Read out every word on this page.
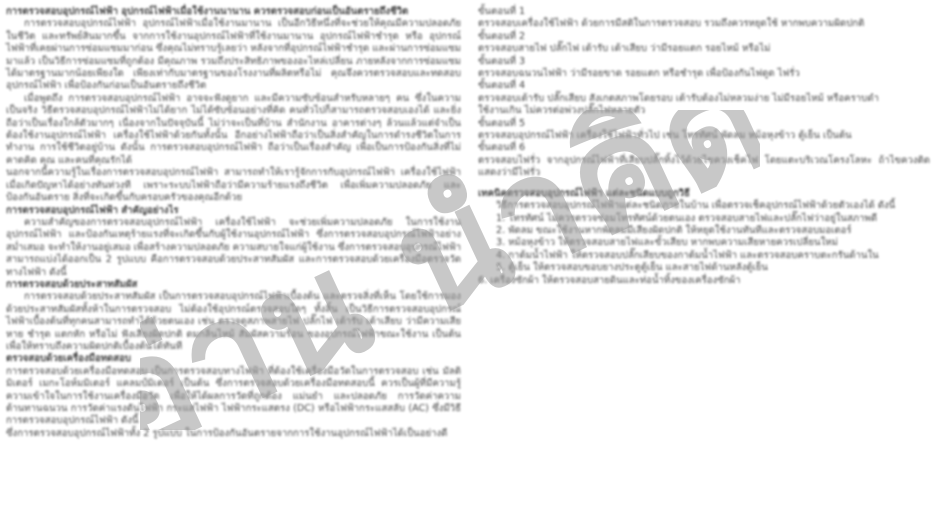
การตรวจสอบอุปกรณ์ไฟฟ้า อุปกรณ์ไฟฟ้าเมื่อใช้งานนานาน ควรตรวจสอบก่อนเป็นอันตรายถึงชีวิต

การตรวจสอบอุปกรณ์ไฟฟ้า อุปกรณ์ไฟฟ้าเมื่อใช้งานมานาน เป็นอีกวิธีหนึ่งที่จะช่วยให้คุณมีความปลอดภัยในชีวิต และทรัพย์สินมากขึ้น จากการใช้งานอุปกรณ์ไฟฟ้าที่ใช้งานมานาน อุปกรณ์ไฟฟ้าชำรุด หรือ อุปกรณ์ไฟฟ้าที่เคยผ่านการซ่อมแซมมาก่อน ซึ่งคุณไม่ทราบรู้เลยว่า หลังจากที่อุปกรณ์ไฟฟ้าชำรุด และผ่านการซ่อมแซมมาแล้ว เป็นวิธีการซ่อมแซมที่ถูกต้อง มีคุณภาพ รวมถึงประสิทธิภาพของอะไหล่เปลี่ยน ภายหลังจากการซ่อมแซมได้มาตรฐานมากน้อยเพียงใด เพียงเท่ากับมาตรฐานของโรงงานที่ผลิตหรือไม่ คุณจึงควรตรวจสอบและทดสอบอุปกรณ์ไฟฟ้า เพื่อป้องกันก่อนเป็นอันตรายถึงชีวิต

เมื่อพูดถึง การตรวจสอบอุปกรณ์ไฟฟ้า อาจจะฟังดูยาก และมีความซับซ้อนสำหรับหลายๆ คน ซึ่งในความเป็นจริง วิธีตรวจสอบอุปกรณ์ไฟฟ้าไม่ได้ยาก ไม่ได้ซับซ้อนอย่างที่คิด คนทั่วไปก็สามารถตรวจสอบเองได้ และยิ่งถือว่าเป็นเรื่องใกล้ตัวมากๆ เนื่องจากในปัจจุบันนี้ ไม่ว่าจะเป็นที่บ้าน สำนักงาน อาคารต่างๆ ล้วนแล้วแต่จำเป็นต้องใช้งานอุปกรณ์ไฟฟ้า เครื่องใช้ไฟฟ้าด้วยกันทั้งนั้น อีกอย่างไฟฟ้าถือว่าเป็นสิ่งสำคัญในการดำรงชีวิตในการทำงาน การใช้ชีวิตอยู่บ้าน ดังนั้น การตรวจสอบอุปกรณ์ไฟฟ้า ถือว่าเป็นเรื่องสำคัญ เพื่อเป็นการป้องกันสิ่งที่ไม่คาดคิด คุณ และคนที่คุณรักได้

นอกจากนี้ความรู้ในเรื่องการตรวจสอบอุปกรณ์ไฟฟ้า สามารถทำให้เรารู้จักการกับอุปกรณ์ไฟฟ้า เครื่องใช้ไฟฟ้า เมื่อเกิดปัญหาได้อย่างทันท่วงที เพราะระบบไฟฟ้าถือว่ามีความร้ายแรงถึงชีวิต เพื่อเพิ่มความปลอดภัย และป้องกันอันตราย สิ่งที่จะเกิดขึ้นกับครอบครัวของคุณอีกด้วย

การตรวจสอบอุปกรณ์ไฟฟ้า สำคัญอย่างไร

ความสำคัญของการตรวจสอบอุปกรณ์ไฟฟ้า เครื่องใช้ไฟฟ้า จะช่วยเพิ่มความปลอดภัย ในการใช้งานอุปกรณ์ไฟฟ้า และป้องกันเหตุร้ายแรงที่จะเกิดขึ้นกับผู้ใช้งานอุปกรณ์ไฟฟ้า ซึ่งการตรวจสอบอุปกรณ์ไฟฟ้าอย่างสม่ำเสมอ จะทำให้งานอยู่เสมอ เพื่อสร้างความปลอดภัย ความสบายใจแก่ผู้ใช้งาน ซึ่งการตรวจสอบอุปกรณ์ไฟฟ้าสามารถแบ่งได้ออกเป็น 2 รูปแบบ คือการตรวจสอบด้วยประสาทสัมผัส และการตรวจสอบด้วยเครื่องมือตรวจวัดทางไฟฟ้า ดังนี้

การตรวจสอบด้วยประสาทสัมผัส

การตรวจสอบด้วยประสาทสัมผัส เป็นการตรวจสอบอุปกรณ์ไฟฟ้าเบื้องต้น และตรวจสิ่งที่เห็น โดยใช้การมองด้วยประสาทสัมผัสทั้งห้าในการตรวจสอบ ไม่ต้องใช้อุปกรณ์ตรวจสอบใดๆ ทั้งสิ้น เป็นวิธีการตรวจสอบอุปกรณ์ไฟฟ้าเบื้องต้นที่ทุกคนสามารถทำได้ด้วยตนเอง เช่น ตรวจดูสภาพสายไฟ ปลั๊กไฟ เต้ารับ เต้าเสียบ ว่ามีความเสียหาย ชำรุด แตกหัก หรือไม่ ฟังเสียงผิดปกติ ดมกลิ่นไหม้ สัมผัสความร้อน ของอุปกรณ์ไฟฟ้าขณะใช้งาน เป็นต้น เพื่อให้ทราบถึงความผิดปกติเบื้องต้นได้ทันที

ตรวจสอบด้วยเครื่องมือทดสอบ

การตรวจสอบด้วยเครื่องมือทดสอบ เป็นการตรวจสอบทางไฟฟ้า ที่ต้องใช้เครื่องมือวัดในการตรวจสอบ เช่น มัลติมิเตอร์ เมกะโอห์มมิเตอร์ แคลมป์มิเตอร์ เป็นต้น ซึ่งการตรวจสอบด้วยเครื่องมือทดสอบนี้ ควรเป็นผู้ที่มีความรู้ความเข้าใจในการใช้งานเครื่องมือวัด เพื่อให้ได้ผลการวัดที่ถูกต้อง แม่นยำ และปลอดภัย การวัดค่าความต้านทานฉนวน การวัดค่าแรงดันไฟฟ้า กระแสไฟฟ้า ไฟฟ้ากระแสตรง (DC) หรือไฟฟ้ากระแสสลับ (AC) ซึ่งมีวิธีการตรวจสอบอุปกรณ์ไฟฟ้า ดังนี้

ซึ่งการตรวจสอบอุปกรณ์ไฟฟ้าทั้ง 2 รูปแบบ ในการป้องกันอันตรายจากการใช้งานอุปกรณ์ไฟฟ้าได้เป็นอย่างดี

ขั้นตอนที่ 1

ตรวจสอบเครื่องใช้ไฟฟ้า ด้วยการมีสติในการตรวจสอบ รวมถึงควรหยุดใช้ หากพบความผิดปกติ

ขั้นตอนที่ 2

ตรวจสอบสายไฟ ปลั๊กไฟ เต้ารับ เต้าเสียบ ว่ามีรอยแตก รอยไหม้ หรือไม่

ขั้นตอนที่ 3

ตรวจสอบฉนวนไฟฟ้า ว่ามีรอยขาด รอยแตก หรือชำรุด เพื่อป้องกันไฟดูด ไฟรั่ว

ขั้นตอนที่ 4

ตรวจสอบเต้ารับ ปลั๊กเสียบ สังเกตสภาพโดยรอบ เต้ารับต้องไม่หลวมง่าย ไม่มีรอยไหม้ หรือคราบดำ

ใช้งานเกิน ไม่ควรต่อพ่วงปลั๊กไฟหลายตัว

ขั้นตอนที่ 5

ตรวจสอบอุปกรณ์ไฟฟ้า เครื่องใช้ไฟฟ้าทั่วไป เช่น โทรทัศน์ พัดลม หม้อหุงข้าว ตู้เย็น เป็นต้น

ขั้นตอนที่ 6

ตรวจสอบไฟรั่ว จากอุปกรณ์ไฟฟ้าที่เสียบปลั๊กทิ้งไว้ด้วยไขควงเช็คไฟ โดยแตะบริเวณโครงโลหะ ถ้าไขควงติด แสดงว่ามีไฟรั่ว

เทคนิคตรวจสอบอุปกรณ์ไฟฟ้า แต่ละชนิดแบบถูกวิธี

วิธีการตรวจสอบอุปกรณ์ไฟฟ้าแต่ละชนิดภายในบ้าน เพื่อตรวจเช็คอุปกรณ์ไฟฟ้าด้วยตัวเองได้ ดังนี้

1. โทรทัศน์ ไม่ควรตรวจซ่อมโทรทัศน์ด้วยตนเอง ตรวจสอบสายไฟและปลั๊กไฟว่าอยู่ในสภาพดี

2. พัดลม ขณะใช้งานหากพัดลมมีเสียงผิดปกติ ให้หยุดใช้งานทันทีและตรวจสอบมอเตอร์

3. หม้อหุงข้าว ให้ตรวจสอบสายไฟและขั้วเสียบ หากพบความเสียหายควรเปลี่ยนใหม่

4. กาต้มน้ำไฟฟ้า ให้ตรวจสอบปลั๊กเสียบของกาต้มน้ำไฟฟ้า และตรวจสอบคราบตะกรันด้านใน

5. ตู้เย็น ให้ตรวจสอบขอบยางประตูตู้เย็น และสายไฟด้านหลังตู้เย็น

6. เครื่องซักผ้า ให้ตรวจสอบสายดินและท่อน้ำทิ้งของเครื่องซักผ้า

อ่าน นำคิด
